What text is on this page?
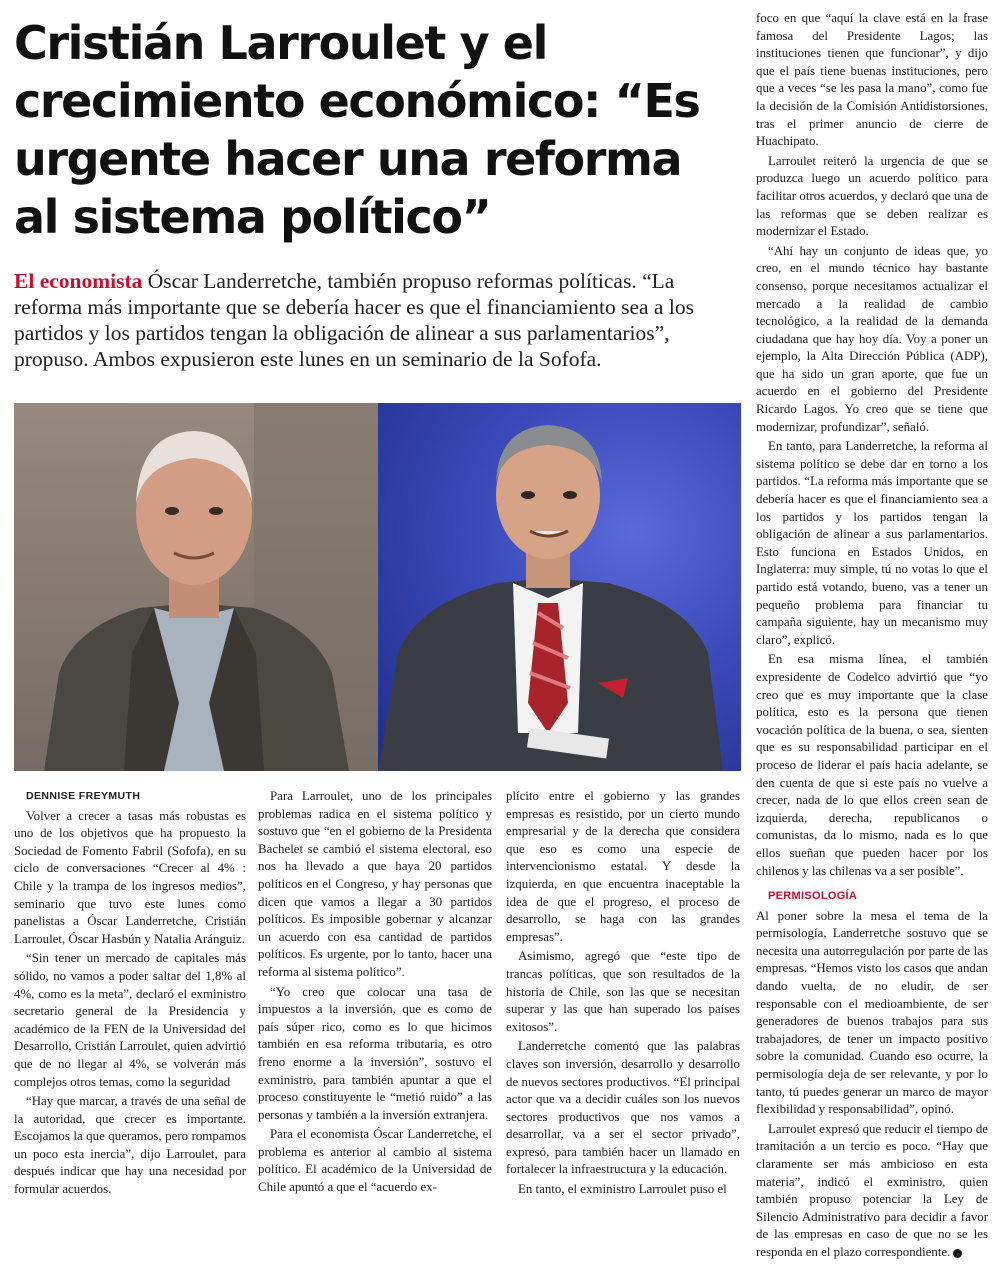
Cristián Larroulet y el crecimiento económico: “Es urgente hacer una reforma al sistema político”
El economista Óscar Landerretche, también propuso reformas políticas. “La reforma más importante que se debería hacer es que el financiamiento sea a los partidos y los partidos tengan la obligación de alinear a sus parlamentarios”, propuso. Ambos expusieron este lunes en un seminario de la Sofofa.

DENNISE FREYMUTH

Volver a crecer a tasas más robustas es uno de los objetivos que ha propuesto la Sociedad de Fomento Fabril (Sofofa), en su ciclo de conversaciones “Crecer al 4% : Chile y la trampa de los ingresos medios”, seminario que tuvo este lunes como panelistas a Óscar Landerretche, Cristián Larroulet, Óscar Hasbún y Natalia Aránguiz.

“Sin tener un mercado de capitales más sólido, no vamos a poder saltar del 1,8% al 4%, como es la meta”, declaró el exministro secretario general de la Presidencia y académico de la FEN de la Universidad del Desarrollo, Cristián Larroulet, quien advirtió que de no llegar al 4%, se volverán más complejos otros temas, como la seguridad

“Hay que marcar, a través de una señal de la autoridad, que crecer es importante. Escojamos la que queramos, pero rompamos un poco esta inercia”, dijo Larroulet, para después indicar que hay una necesidad por formular acuerdos.

Para Larroulet, uno de los principales problemas radica en el sistema político y sostuvo que “en el gobierno de la Presidenta Bachelet se cambió el sistema electoral, eso nos ha llevado a que haya 20 partidos políticos en el Congreso, y hay personas que dicen que vamos a llegar a 30 partidos políticos. Es imposible gobernar y alcanzar un acuerdo con esa cantidad de partidos políticos. Es urgente, por lo tanto, hacer una reforma al sistema político”.

“Yo creo que colocar una tasa de impuestos a la inversión, que es como de país súper rico, como es lo que hicimos también en esa reforma tributaria, es otro freno enorme a la inversión”, sostuvo el exministro, para también apuntar a que el proceso constituyente le “metió ruido” a las personas y también a la inversión extranjera.

Para el economista Óscar Landerretche, el problema es anterior al cambio al sistema político. El académico de la Universidad de Chile apuntó a que el “acuerdo ex-

plícito entre el gobierno y las grandes empresas es resistido, por un cierto mundo empresarial y de la derecha que considera que eso es como una especie de intervencionismo estatal. Y desde la izquierda, en que encuentra inaceptable la idea de que el progreso, el proceso de desarrollo, se haga con las grandes empresas”.

Asimismo, agregó que “este tipo de trancas políticas, que son resultados de la historia de Chile, son las que se necesitan superar y las que han superado los países exitosos”.

Landerretche comentó que las palabras claves son inversión, desarrollo y desarrollo de nuevos sectores productivos. “El principal actor que va a decidir cuáles son los nuevos sectores productivos que nos vamos a desarrollar, va a ser el sector privado”, expresó, para también hacer un llamado en fortalecer la infraestructura y la educación.

En tanto, el exministro Larroulet puso el

foco en que “aquí la clave está en la frase famosa del Presidente Lagos; las instituciones tienen que funcionar”, y dijo que el país tiene buenas instituciones, pero que a veces “se les pasa la mano”, como fue la decisión de la Comisión Antidistorsiones, tras el primer anuncio de cierre de Huachipato.

Larroulet reiteró la urgencia de que se produzca luego un acuerdo político para facilitar otros acuerdos, y declaró que una de las reformas que se deben realizar es modernizar el Estado.

“Ahí hay un conjunto de ideas que, yo creo, en el mundo técnico hay bastante consenso, porque necesitamos actualizar el mercado a la realidad de cambio tecnológico, a la realidad de la demanda ciudadana que hay hoy día. Voy a poner un ejemplo, la Alta Dirección Pública (ADP), que ha sido un gran aporte, que fue un acuerdo en el gobierno del Presidente Ricardo Lagos. Yo creo que se tiene que modernizar, profundizar”, señaló.

En tanto, para Landerretche, la reforma al sistema político se debe dar en torno a los partidos. “La reforma más importante que se debería hacer es que el financiamiento sea a los partidos y los partidos tengan la obligación de alinear a sus parlamentarios. Esto funciona en Estados Unidos, en Inglaterra: muy simple, tú no votas lo que el partido está votando, bueno, vas a tener un pequeño problema para financiar tu campaña siguiente, hay un mecanismo muy claro”, explicó.

En esa misma línea, el también expresidente de Codelco advirtió que “yo creo que es muy importante que la clase política, esto es la persona que tienen vocación política de la buena, o sea, sienten que es su responsabilidad participar en el proceso de liderar el país hacia adelante, se den cuenta de que si este país no vuelve a crecer, nada de lo que ellos creen sean de izquierda, derecha, republicanos o comunistas, da lo mismo, nada es lo que ellos sueñan que pueden hacer por los chilenos y las chilenas va a ser posible”.

PERMISOLOGÍA

Al poner sobre la mesa el tema de la permisología, Landerretche sostuvo que se necesita una autorregulación por parte de las empresas. “Hemos visto los casos que andan dando vuelta, de no eludir, de ser responsable con el medioambiente, de ser generadores de buenos trabajos para sus trabajadores, de tener un impacto positivo sobre la comunidad. Cuando eso ocurre, la permisología deja de ser relevante, y por lo tanto, tú puedes generar un marco de mayor flexibilidad y responsabilidad”, opinó.

Larroulet expresó que reducir el tiempo de tramitación a un tercio es poco. “Hay que claramente ser más ambicioso en esta materia”, indicó el exministro, quien también propuso potenciar la Ley de Silencio Administrativo para decidir a favor de las empresas en caso de que no se les responda en el plazo correspondiente.
